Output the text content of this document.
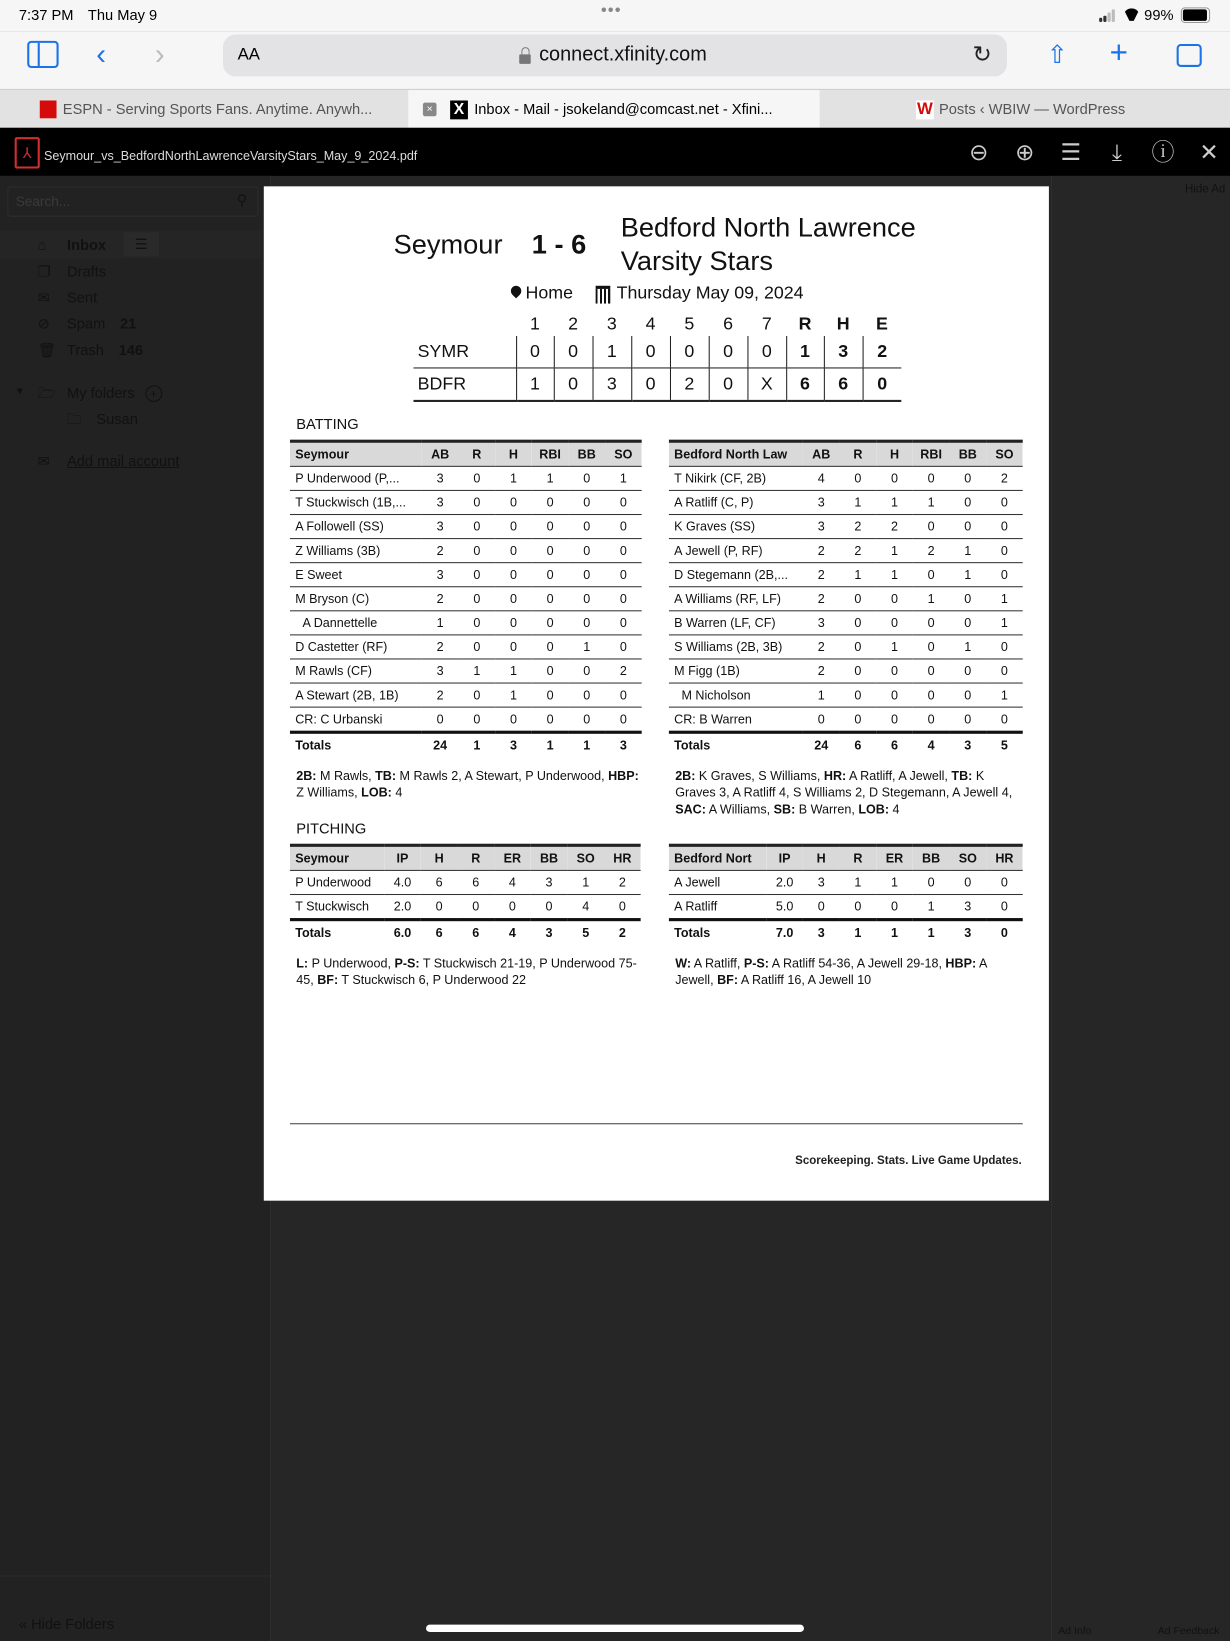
7:37 PM Thu May 9	•••	99%
‹ ›	AA	connect.xfinity.com	↻ ⇧ +
ESPN - Serving Sports Fans. Anytime. Anywh...	× X Inbox - Mail - jsokeland@comcast.net - Xfini...	W Posts ‹ WBIW — WordPress
⅄	Seymour_vs_BedfordNorthLawrenceVarsityStars_May_9_2024.pdf	⊖ ⊕ ☰	⤓	ⓘ ✕
Search...	⚲
☰
⌂ Inbox
❐ Drafts
✉︎ Sent
⊘ Spam 21
🗑︎ Trash 146
▼ 🗁︎ My folders +
🗀︎ Susan
✉︎ Add mail account
« Hide Folders
Hide Ad
Ad Info	Ad Feedback
Seymour 1 - 6
Bedford North Lawrence
Varsity Stars
Home	Thursday May 09, 2024
	1	2	3	4	5	6	7	R	H	E
SYMR	0	0	1	0	0	0	0	1	3	2
BDFR	1	0	3	0	2	0	X	6	6	0
BATTING
PITCHING
Seymour	AB	R	H	RBI	BB	SO
P Underwood (P,...	3	0	1	1	0	1
T Stuckwisch (1B,...	3	0	0	0	0	0
A Followell (SS)	3	0	0	0	0	0
Z Williams (3B)	2	0	0	0	0	0
E Sweet	3	0	0	0	0	0
M Bryson (C)	2	0	0	0	0	0
A Dannettelle	1	0	0	0	0	0
D Castetter (RF)	2	0	0	0	1	0
M Rawls (CF)	3	1	1	0	0	2
A Stewart (2B, 1B)	2	0	1	0	0	0
CR: C Urbanski	0	0	0	0	0	0
Totals	24	1	3	1	1	3
2B: M Rawls, TB: M Rawls 2, A Stewart, P Underwood, HBP: Z Williams, LOB: 4
Bedford North Law	AB	R	H	RBI	BB	SO
T Nikirk (CF, 2B)	4	0	0	0	0	2
A Ratliff (C, P)	3	1	1	1	0	0
K Graves (SS)	3	2	2	0	0	0
A Jewell (P, RF)	2	2	1	2	1	0
D Stegemann (2B,...	2	1	1	0	1	0
A Williams (RF, LF)	2	0	0	1	0	1
B Warren (LF, CF)	3	0	0	0	0	1
S Williams (2B, 3B)	2	0	1	0	1	0
M Figg (1B)	2	0	0	0	0	0
M Nicholson	1	0	0	0	0	1
CR: B Warren	0	0	0	0	0	0
Totals	24	6	6	4	3	5
2B: K Graves, S Williams, HR: A Ratliff, A Jewell, TB: K Graves 3, A Ratliff 4, S Williams 2, D Stegemann, A Jewell 4, SAC: A Williams, SB: B Warren, LOB: 4
Seymour	IP	H	R	ER	BB	SO	HR
P Underwood	4.0	6	6	4	3	1	2
T Stuckwisch	2.0	0	0	0	0	4	0
Totals	6.0	6	6	4	3	5	2
L: P Underwood, P-S: T Stuckwisch 21-19, P Underwood 75-45, BF: T Stuckwisch 6, P Underwood 22
Bedford Nort	IP	H	R	ER	BB	SO	HR
A Jewell	2.0	3	1	1	0	0	0
A Ratliff	5.0	0	0	0	1	3	0
Totals	7.0	3	1	1	1	3	0
W: A Ratliff, P-S: A Ratliff 54-36, A Jewell 29-18, HBP: A Jewell, BF: A Ratliff 16, A Jewell 10
Scorekeeping. Stats. Live Game Updates.
